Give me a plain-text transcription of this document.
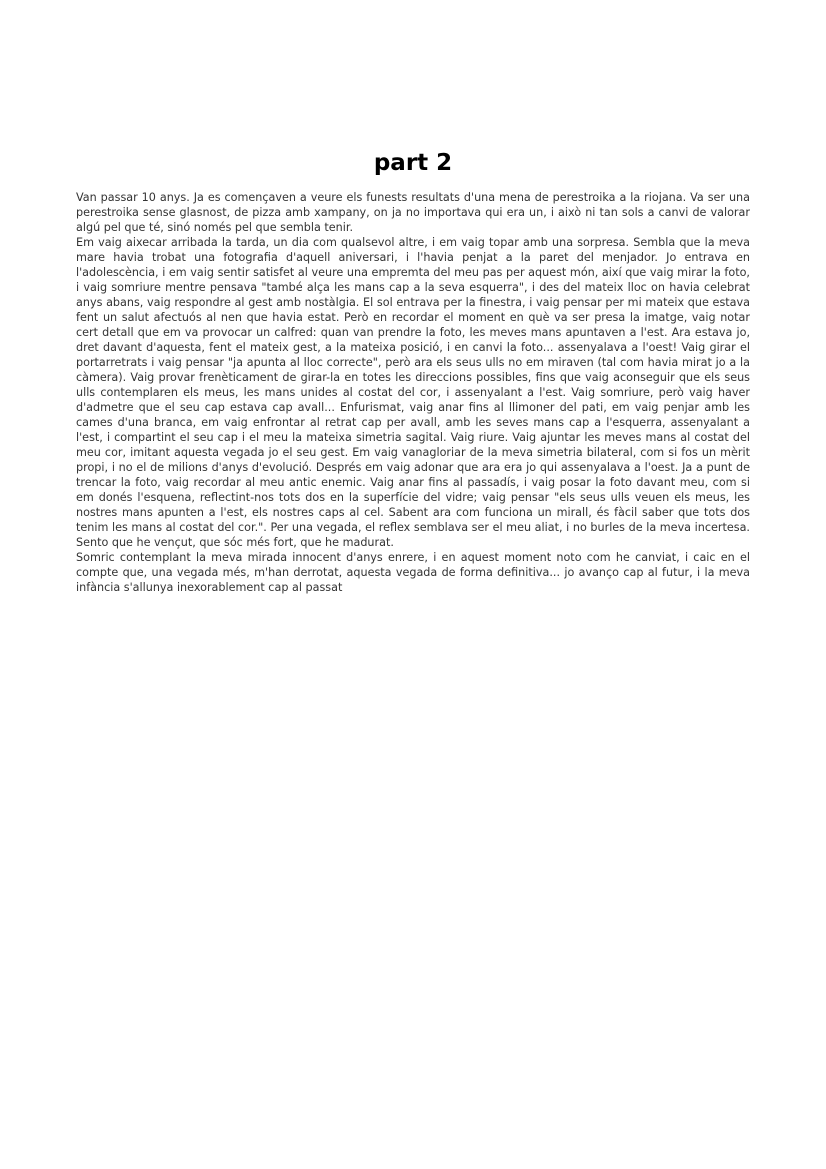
part 2

Van passar 10 anys. Ja es començaven a veure els funests resultats d'una mena de perestroika a la riojana. Va ser una perestroika sense glasnost, de pizza amb xampany, on ja no importava qui era un, i això ni tan sols a canvi de valorar algú pel que té, sinó només pel que sembla tenir.

Em vaig aixecar arribada la tarda, un dia com qualsevol altre, i em vaig topar amb una sorpresa. Sembla que la meva mare havia trobat una fotografia d'aquell aniversari, i l'havia penjat a la paret del menjador. Jo entrava en l'adolescència, i em vaig sentir satisfet al veure una empremta del meu pas per aquest món, així que vaig mirar la foto, i vaig somriure mentre pensava "també alça les mans cap a la seva esquerra", i des del mateix lloc on havia celebrat anys abans, vaig respondre al gest amb nostàlgia. El sol entrava per la finestra, i vaig pensar per mi mateix que estava fent un salut afectuós al nen que havia estat. Però en recordar el moment en què va ser presa la imatge, vaig notar cert detall que em va provocar un calfred: quan van prendre la foto, les meves mans apuntaven a l'est. Ara estava jo, dret davant d'aquesta, fent el mateix gest, a la mateixa posició, i en canvi la foto... assenyalava a l'oest! Vaig girar el portarretrats i vaig pensar "ja apunta al lloc correcte", però ara els seus ulls no em miraven (tal com havia mirat jo a la càmera). Vaig provar frenèticament de girar-la en totes les direccions possibles, fins que vaig aconseguir que els seus ulls contemplaren els meus, les mans unides al costat del cor, i assenyalant a l'est. Vaig somriure, però vaig haver d'admetre que el seu cap estava cap avall... Enfurismat, vaig anar fins al llimoner del pati, em vaig penjar amb les cames d'una branca, em vaig enfrontar al retrat cap per avall, amb les seves mans cap a l'esquerra, assenyalant a l'est, i compartint el seu cap i el meu la mateixa simetria sagital. Vaig riure. Vaig ajuntar les meves mans al costat del meu cor, imitant aquesta vegada jo el seu gest. Em vaig vanagloriar de la meva simetria bilateral, com si fos un mèrit propi, i no el de milions d'anys d'evolució. Després em vaig adonar que ara era jo qui assenyalava a l'oest. Ja a punt de trencar la foto, vaig recordar al meu antic enemic. Vaig anar fins al passadís, i vaig posar la foto davant meu, com si em donés l'esquena, reflectint-nos tots dos en la superfície del vidre; vaig pensar "els seus ulls veuen els meus, les nostres mans apunten a l'est, els nostres caps al cel. Sabent ara com funciona un mirall, és fàcil saber que tots dos tenim les mans al costat del cor.". Per una vegada, el reflex semblava ser el meu aliat, i no burles de la meva incertesa. Sento que he vençut, que sóc més fort, que he madurat.

Somric contemplant la meva mirada innocent d'anys enrere, i en aquest moment noto com he canviat, i caic en el compte que, una vegada més, m'han derrotat, aquesta vegada de forma definitiva... jo avanço cap al futur, i la meva infància s'allunya inexorablement cap al passat
